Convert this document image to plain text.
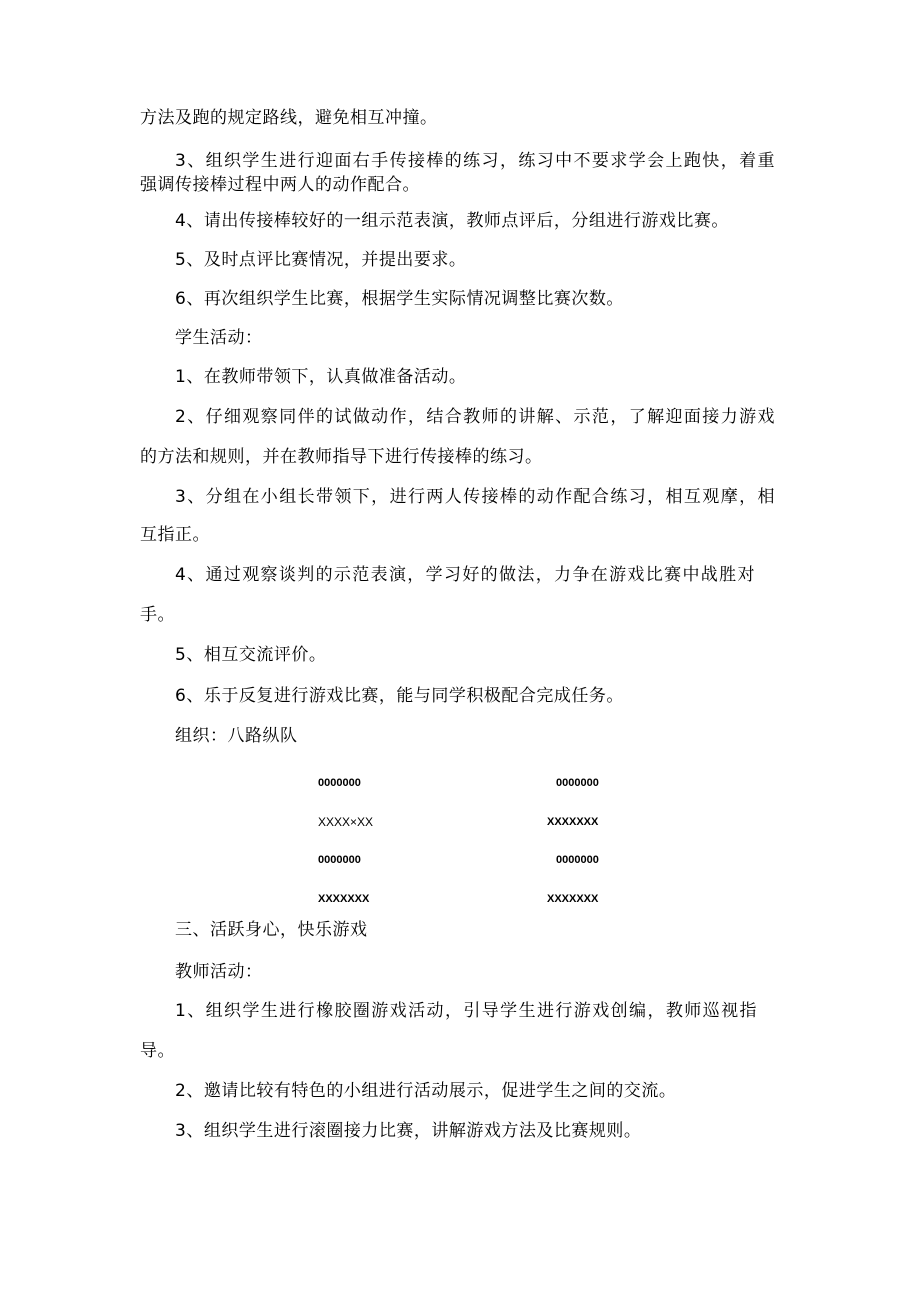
方法及跑的规定路线，避免相互冲撞。
3、组织学生进行迎面右手传接棒的练习，练习中不要求学会上跑快，着重
强调传接棒过程中两人的动作配合。
4、请出传接棒较好的一组示范表演，教师点评后，分组进行游戏比赛。
5、及时点评比赛情况，并提出要求。
6、再次组织学生比赛，根据学生实际情况调整比赛次数。
学生活动：
1、在教师带领下，认真做准备活动。
2、仔细观察同伴的试做动作，结合教师的讲解、示范，了解迎面接力游戏
的方法和规则，并在教师指导下进行传接棒的练习。
3、分组在小组长带领下，进行两人传接棒的动作配合练习，相互观摩，相
互指正。
4、通过观察谈判的示范表演，学习好的做法，力争在游戏比赛中战胜对
手。
5、相互交流评价。
6、乐于反复进行游戏比赛，能与同学积极配合完成任务。
组织：八路纵队
0000000
XXXX×XX
0000000
XXXXXXX
0000000
XXXXXXX
0000000
XXXXXXX
三、活跃身心，快乐游戏
教师活动：
1、组织学生进行橡胶圈游戏活动，引导学生进行游戏创编，教师巡视指
导。
2、邀请比较有特色的小组进行活动展示，促进学生之间的交流。
3、组织学生进行滚圈接力比赛，讲解游戏方法及比赛规则。
